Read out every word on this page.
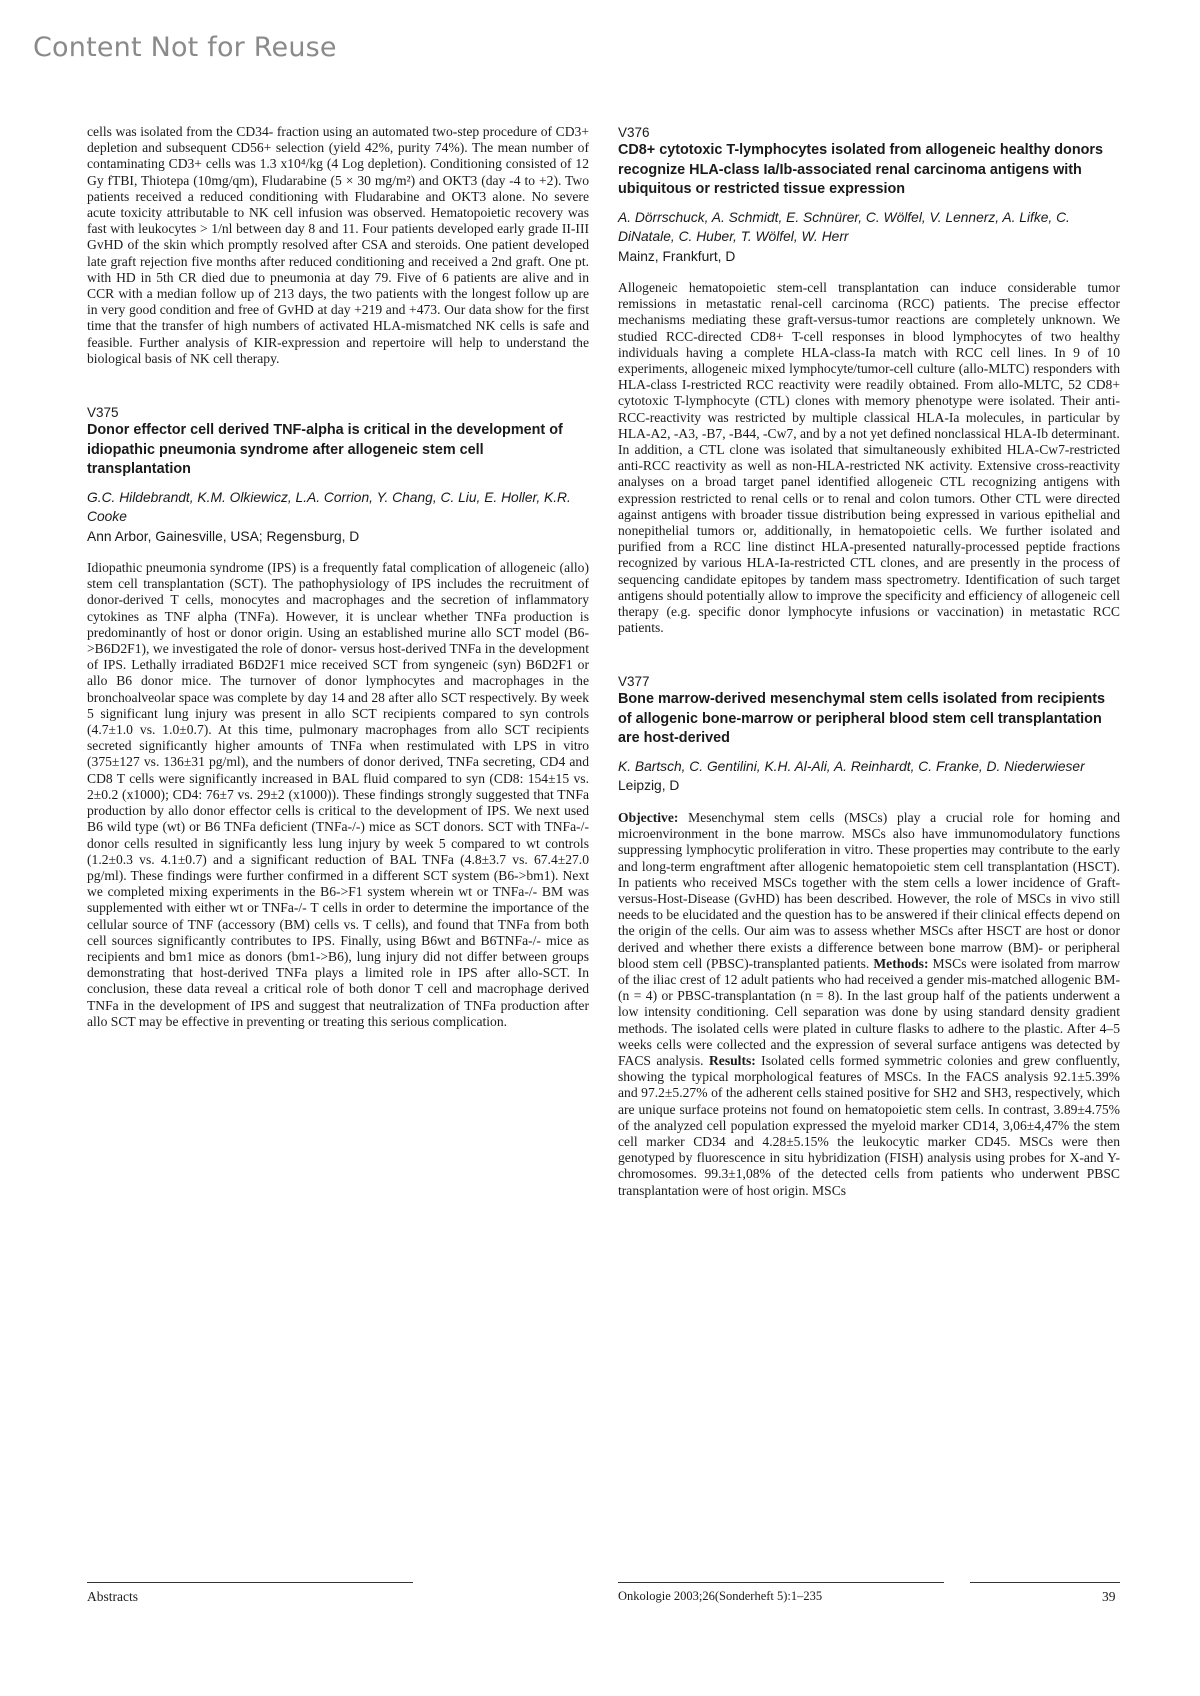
Content Not for Reuse

cells was isolated from the CD34- fraction using an automated two-step procedure of CD3+ depletion and subsequent CD56+ selection (yield 42%, purity 74%). The mean number of contaminating CD3+ cells was 1.3 x10⁴/kg (4 Log depletion). Conditioning consisted of 12 Gy fTBI, Thiotepa (10mg/qm), Fludarabine (5 × 30 mg/m²) and OKT3 (day -4 to +2). Two patients received a reduced conditioning with Fludarabine and OKT3 alone. No severe acute toxicity attributable to NK cell infusion was observed. Hematopoietic recovery was fast with leukocytes > 1/nl between day 8 and 11. Four patients developed early grade II-III GvHD of the skin which promptly resolved after CSA and steroids. One patient developed late graft rejection five months after reduced conditioning and received a 2nd graft. One pt. with HD in 5th CR died due to pneumonia at day 79. Five of 6 patients are alive and in CCR with a median follow up of 213 days, the two patients with the longest follow up are in very good condition and free of GvHD at day +219 and +473. Our data show for the first time that the transfer of high numbers of activated HLA-mismatched NK cells is safe and feasible. Further analysis of KIR-expression and repertoire will help to understand the biological basis of NK cell therapy.

V375

Donor effector cell derived TNF-alpha is critical in the development of idiopathic pneumonia syndrome after allogeneic stem cell transplantation

G.C. Hildebrandt, K.M. Olkiewicz, L.A. Corrion, Y. Chang, C. Liu, E. Holler, K.R. Cooke

Ann Arbor, Gainesville, USA; Regensburg, D

Idiopathic pneumonia syndrome (IPS) is a frequently fatal complication of allogeneic (allo) stem cell transplantation (SCT). The pathophysiology of IPS includes the recruitment of donor-derived T cells, monocytes and macrophages and the secretion of inflammatory cytokines as TNF alpha (TNFa). However, it is unclear whether TNFa production is predominantly of host or donor origin. Using an established murine allo SCT model (B6->B6D2F1), we investigated the role of donor- versus host-derived TNFa in the development of IPS. Lethally irradiated B6D2F1 mice received SCT from syngeneic (syn) B6D2F1 or allo B6 donor mice. The turnover of donor lymphocytes and macrophages in the bronchoalveolar space was complete by day 14 and 28 after allo SCT respectively. By week 5 significant lung injury was present in allo SCT recipients compared to syn controls (4.7±1.0 vs. 1.0±0.7). At this time, pulmonary macrophages from allo SCT recipients secreted significantly higher amounts of TNFa when restimulated with LPS in vitro (375±127 vs. 136±31 pg/ml), and the numbers of donor derived, TNFa secreting, CD4 and CD8 T cells were significantly increased in BAL fluid compared to syn (CD8: 154±15 vs. 2±0.2 (x1000); CD4: 76±7 vs. 29±2 (x1000)). These findings strongly suggested that TNFa production by allo donor effector cells is critical to the development of IPS. We next used B6 wild type (wt) or B6 TNFa deficient (TNFa-/-) mice as SCT donors. SCT with TNFa-/- donor cells resulted in significantly less lung injury by week 5 compared to wt controls (1.2±0.3 vs. 4.1±0.7) and a significant reduction of BAL TNFa (4.8±3.7 vs. 67.4±27.0 pg/ml). These findings were further confirmed in a different SCT system (B6->bm1). Next we completed mixing experiments in the B6->F1 system wherein wt or TNFa-/- BM was supplemented with either wt or TNFa-/- T cells in order to determine the importance of the cellular source of TNF (accessory (BM) cells vs. T cells), and found that TNFa from both cell sources significantly contributes to IPS. Finally, using B6wt and B6TNFa-/- mice as recipients and bm1 mice as donors (bm1->B6), lung injury did not differ between groups demonstrating that host-derived TNFa plays a limited role in IPS after allo-SCT. In conclusion, these data reveal a critical role of both donor T cell and macrophage derived TNFa in the development of IPS and suggest that neutralization of TNFa production after allo SCT may be effective in preventing or treating this serious complication.

V376

CD8+ cytotoxic T-lymphocytes isolated from allogeneic healthy donors recognize HLA-class Ia/Ib-associated renal carcinoma antigens with ubiquitous or restricted tissue expression

A. Dörrschuck, A. Schmidt, E. Schnürer, C. Wölfel, V. Lennerz, A. Lifke, C. DiNatale, C. Huber, T. Wölfel, W. Herr

Mainz, Frankfurt, D

Allogeneic hematopoietic stem-cell transplantation can induce considerable tumor remissions in metastatic renal-cell carcinoma (RCC) patients. The precise effector mechanisms mediating these graft-versus-tumor reactions are completely unknown. We studied RCC-directed CD8+ T-cell responses in blood lymphocytes of two healthy individuals having a complete HLA-class-Ia match with RCC cell lines. In 9 of 10 experiments, allogeneic mixed lymphocyte/tumor-cell culture (allo-MLTC) responders with HLA-class I-restricted RCC reactivity were readily obtained. From allo-MLTC, 52 CD8+ cytotoxic T-lymphocyte (CTL) clones with memory phenotype were isolated. Their anti-RCC-reactivity was restricted by multiple classical HLA-Ia molecules, in particular by HLA-A2, -A3, -B7, -B44, -Cw7, and by a not yet defined nonclassical HLA-Ib determinant.

In addition, a CTL clone was isolated that simultaneously exhibited HLA-Cw7-restricted anti-RCC reactivity as well as non-HLA-restricted NK activity. Extensive cross-reactivity analyses on a broad target panel identified allogeneic CTL recognizing antigens with expression restricted to renal cells or to renal and colon tumors. Other CTL were directed against antigens with broader tissue distribution being expressed in various epithelial and nonepithelial tumors or, additionally, in hematopoietic cells. We further isolated and purified from a RCC line distinct HLA-presented naturally-processed peptide fractions recognized by various HLA-Ia-restricted CTL clones, and are presently in the process of sequencing candidate epitopes by tandem mass spectrometry. Identification of such target antigens should potentially allow to improve the specificity and efficiency of allogeneic cell therapy (e.g. specific donor lymphocyte infusions or vaccination) in metastatic RCC patients.

V377

Bone marrow-derived mesenchymal stem cells isolated from recipients of allogenic bone-marrow or peripheral blood stem cell transplantation are host-derived

K. Bartsch, C. Gentilini, K.H. Al-Ali, A. Reinhardt, C. Franke, D. Niederwieser

Leipzig, D

Objective: Mesenchymal stem cells (MSCs) play a crucial role for homing and microenvironment in the bone marrow. MSCs also have immunomodulatory functions suppressing lymphocytic proliferation in vitro. These properties may contribute to the early and long-term engraftment after allogenic hematopoietic stem cell transplantation (HSCT). In patients who received MSCs together with the stem cells a lower incidence of Graft-versus-Host-Disease (GvHD) has been described. However, the role of MSCs in vivo still needs to be elucidated and the question has to be answered if their clinical effects depend on the origin of the cells. Our aim was to assess whether MSCs after HSCT are host or donor derived and whether there exists a difference between bone marrow (BM)- or peripheral blood stem cell (PBSC)-transplanted patients. Methods: MSCs were isolated from marrow of the iliac crest of 12 adult patients who had received a gender mis-matched allogenic BM- (n = 4) or PBSC-transplantation (n = 8). In the last group half of the patients underwent a low intensity conditioning. Cell separation was done by using standard density gradient methods. The isolated cells were plated in culture flasks to adhere to the plastic. After 4–5 weeks cells were collected and the expression of several surface antigens was detected by FACS analysis. Results: Isolated cells formed symmetric colonies and grew confluently, showing the typical morphological features of MSCs. In the FACS analysis 92.1±5.39% and 97.2±5.27% of the adherent cells stained positive for SH2 and SH3, respectively, which are unique surface proteins not found on hematopoietic stem cells. In contrast, 3.89±4.75% of the analyzed cell population expressed the myeloid marker CD14, 3,06±4,47% the stem cell marker CD34 and 4.28±5.15% the leukocytic marker CD45. MSCs were then genotyped by fluorescence in situ hybridization (FISH) analysis using probes for X-and Y-chromosomes. 99.3±1,08% of the detected cells from patients who underwent PBSC transplantation were of host origin. MSCs

Abstracts	Onkologie 2003;26(Sonderheft 5):1–235	39
